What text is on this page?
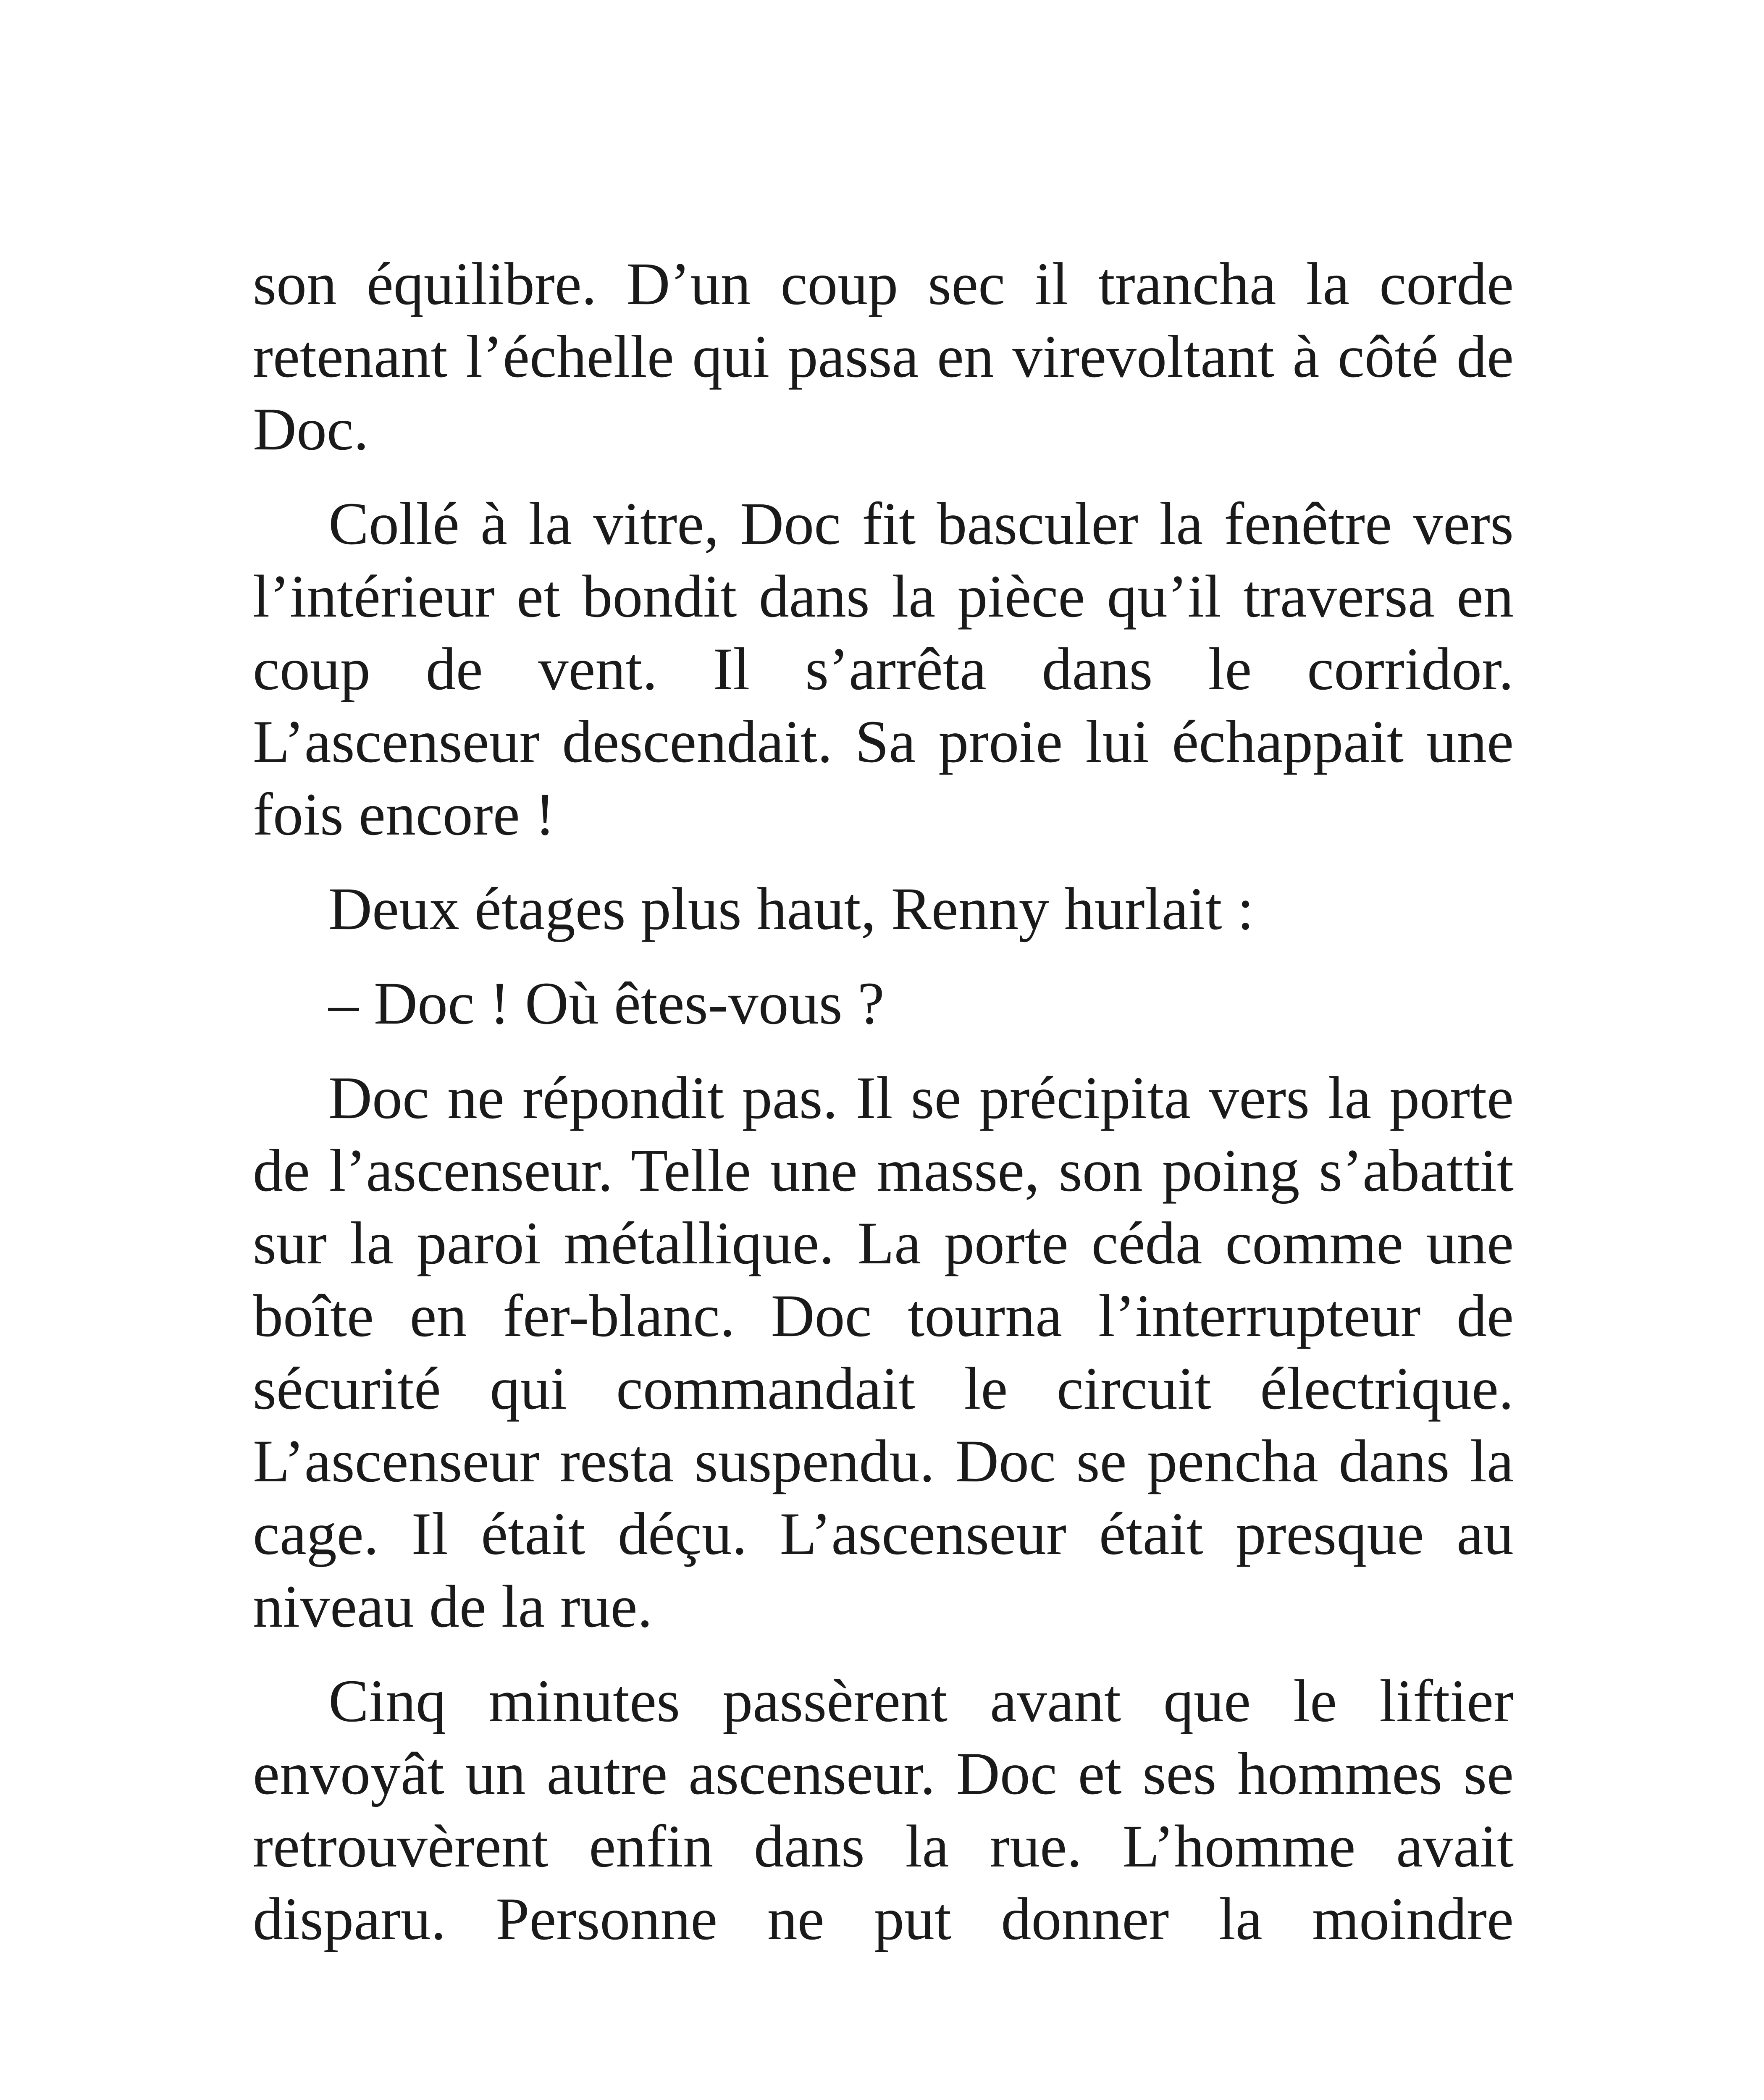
son équilibre. D’un coup sec il trancha la corde retenant l’échelle qui passa en virevoltant à côté de Doc.

Collé à la vitre, Doc fit basculer la fenêtre vers l’intérieur et bondit dans la pièce qu’il traversa en coup de vent. Il s’arrêta dans le corridor. L’ascenseur descendait. Sa proie lui échappait une fois encore !

Deux étages plus haut, Renny hurlait :

– Doc ! Où êtes-vous ?

Doc ne répondit pas. Il se précipita vers la porte de l’ascenseur. Telle une masse, son poing s’abattit sur la paroi métallique. La porte céda comme une boîte en fer-blanc. Doc tourna l’interrupteur de sécurité qui commandait le circuit électrique. L’ascenseur resta suspendu. Doc se pencha dans la cage. Il était déçu. L’ascenseur était presque au niveau de la rue.

Cinq minutes passèrent avant que le liftier envoyât un autre ascenseur. Doc et ses hommes se retrouvèrent enfin dans la rue. L’homme avait disparu. Personne ne put donner la moindre
